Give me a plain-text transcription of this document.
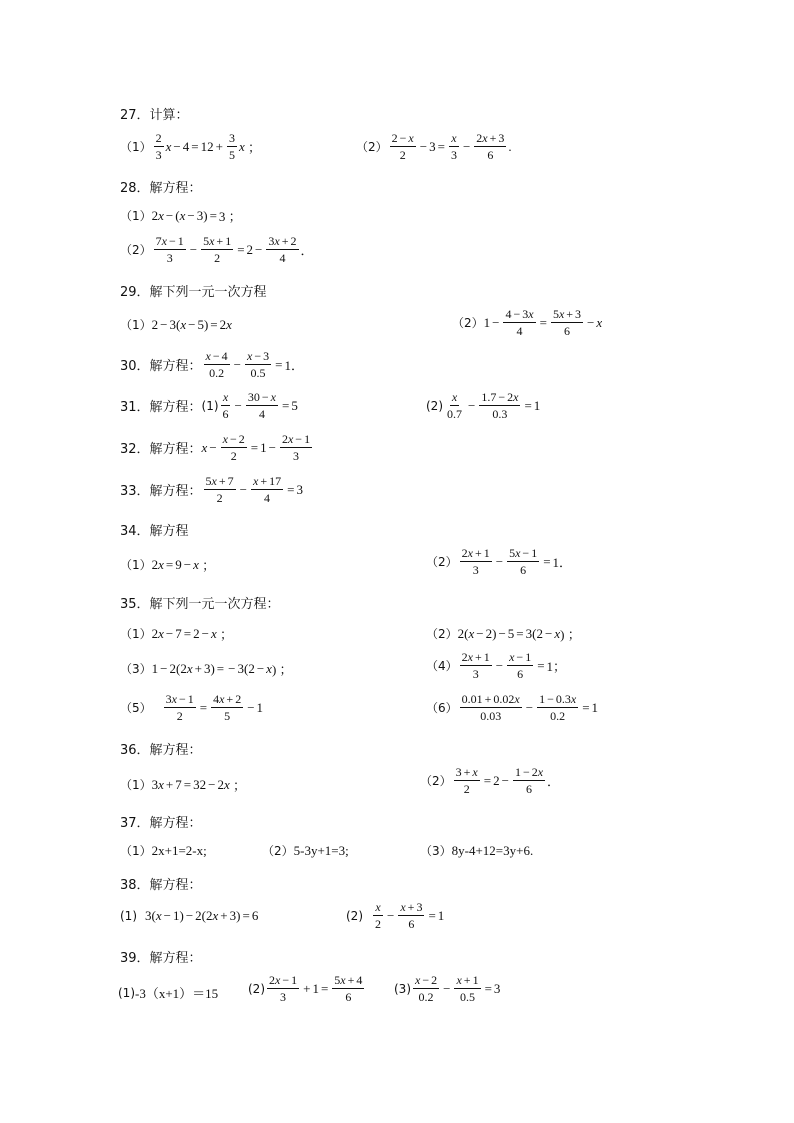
27．计算：
（1）
2
3
$x - 4 = 12 + \frac{3}{5}$ x ；	（2）
2 − x
2
− $3 = \frac{x}{3} - \frac{2x + 3}{6}$ .
28．解方程：
（1） 2 x − ( x − 3) = 3 ；
（2）
7x − 1
3
− $\frac{5x + 1}{2} = 2 - \frac{3x + 2}{4}$ ．
29．解下列一元一次方程
（1） 2 − 3( x − 5) = 2 x	（2） $1 - \frac{4 - 3x}{4} = \frac{5x + 3}{6} - x$
30．解方程：
x − 4
0.2
− $\frac{x - 3}{0.5} = 1$．
31．解方程： (1)
x
6
− $\frac{30 - x}{4} = 5$	(2)
x
0.7
− $\frac{1.7 - 2x}{0.3} = 1$
32．解方程： $x - \frac{x - 2}{2} = 1 - \frac{2x - 1}{3}$
33．解方程：
5x + 7
2
− $\frac{x + 17}{4} = 3$
34．解方程
（1） 2 x = 9 − x ；	（2）
2x + 1
3
− $\frac{5x - 1}{6} = 1$．
35．解下列一元一次方程：
（1） 2 x − 7 = 2 − x ；	（2） 2( x − 2) − 5 = 3(2 − x ) ；
（3） 1 − 2(2 x + 3) = − 3(2 − x ) ；	（4）
2x + 1
3
− $\frac{x - 1}{6} = 1$；
$(5) \frac{3x - 1}{2} = \frac{4x + 2}{5} - 1$	（6）
0.01 + 0.02x
0.03
− $\frac{1 - 0.3x}{0.2} = 1$
36．解方程：
（1） 3 x + 7 = 32 − 2 x ；	$(2) \frac{3 + x}{2} = 2 - \frac{1 - 2x}{6}$ ．
37．解方程：
（1） 2x+1=2-x;	（2） 5-3y+1=3;	（3） 8y-4+12=3y+6.
38．解方程：
(1) 3( x − 1) − 2(2 x + 3) = 6	(2)
x
2
− $\frac{x + 3}{6} = 1$
39．解方程：
(1) -3（x+1）＝15 (2)
2x − 1
3
+ $1 = \frac{5x + 4}{6} (3)$
x − 2
0.2
− $\frac{x + 1}{0.5} = 3$
